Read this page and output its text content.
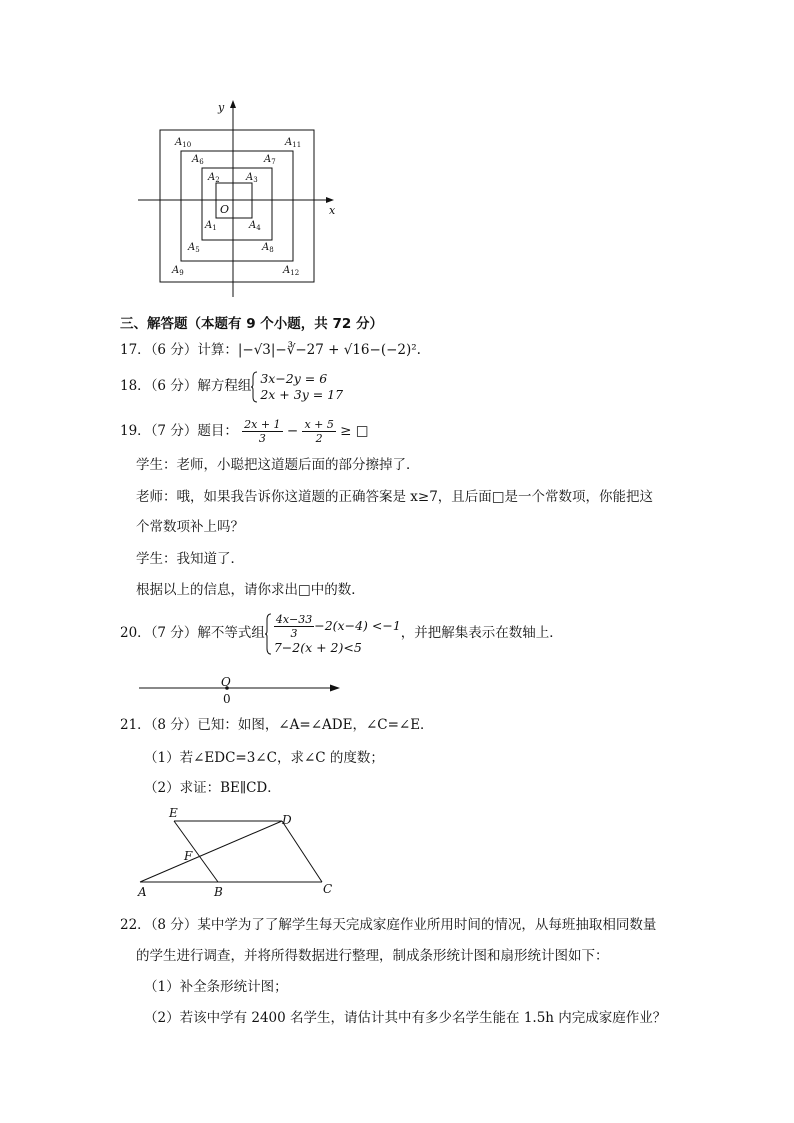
x
y
O
$A_1$
$A_2$	$A_3$
$A_4$
$A_5$
$A_6$	$A_7$
$A_8$
$A_9$
$A_{10}$	$A_{11}$
$A_{12}$
三、解答题（本题有 9 个小题，共 72 分）
17．（6 分）计算：|−√3|−∛−27 + √16−(−2)².
18．（6 分）解方程组 3x−2y = 6
2x + 3y = 17
19．（7 分）题目： $\frac{2x + 1}{3} - \frac{x + 5}{2}$ ≥ □
学生：老师，小聪把这道题后面的部分擦掉了．
老师：哦，如果我告诉你这道题的正确答案是 x≥7，且后面□是一个常数项，你能把这
个常数项补上吗？
学生：我知道了．
根据以上的信息，请你求出□中的数．
20．（7 分）解不等式组 $\frac{4x-33}{3} -2(x-4) <-1$
7−2(x + 2)<5
，并把解集表示在数轴上．
O
0
21．（8 分）已知：如图，∠A=∠ADE，∠C=∠E．
（1）若∠EDC=3∠C，求∠C 的度数；
（2）求证：BE∥CD．
E	D
F
A	B	C
22．（8 分）某中学为了了解学生每天完成家庭作业所用时间的情况，从每班抽取相同数量
的学生进行调查，并将所得数据进行整理，制成条形统计图和扇形统计图如下：
（1）补全条形统计图；
（2）若该中学有 2400 名学生，请估计其中有多少名学生能在 1.5h 内完成家庭作业？
